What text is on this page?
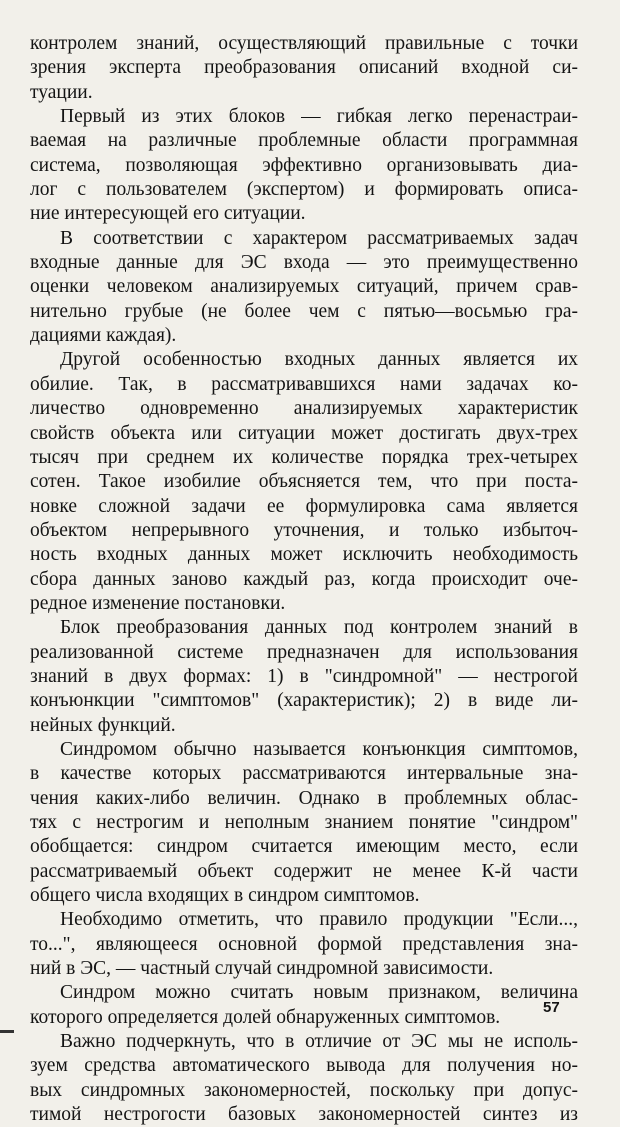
контролем знаний, осуществляющий правильные с точки
зрения эксперта преобразования описаний входной си-
туации.
Первый из этих блоков — гибкая легко перенастраи-
ваемая на различные проблемные области программная
система, позволяющая эффективно организовывать диа-
лог с пользователем (экспертом) и формировать описа-
ние интересующей его ситуации.
В соответствии с характером рассматриваемых задач
входные данные для ЭС входа — это преимущественно
оценки человеком анализируемых ситуаций, причем срав-
нительно грубые (не более чем с пятью—восьмью гра-
дациями каждая).
Другой особенностью входных данных является их
обилие. Так, в рассматривавшихся нами задачах ко-
личество одновременно анализируемых характеристик
свойств объекта или ситуации может достигать двух-трех
тысяч при среднем их количестве порядка трех-четырех
сотен. Такое изобилие объясняется тем, что при поста-
новке сложной задачи ее формулировка сама является
объектом непрерывного уточнения, и только избыточ-
ность входных данных может исключить необходимость
сбора данных заново каждый раз, когда происходит оче-
редное изменение постановки.
Блок преобразования данных под контролем знаний в
реализованной системе предназначен для использования
знаний в двух формах: 1) в "синдромной" — нестрогой
конъюнкции "симптомов" (характеристик); 2) в виде ли-
нейных функций.
Синдромом обычно называется конъюнкция симптомов,
в качестве которых рассматриваются интервальные зна-
чения каких-либо величин. Однако в проблемных облас-
тях с нестрогим и неполным знанием понятие "синдром"
обобщается: синдром считается имеющим место, если
рассматриваемый объект содержит не менее К-й части
общего числа входящих в синдром симптомов.
Необходимо отметить, что правило продукции "Если...,
то...", являющееся основной формой представления зна-
ний в ЭС, — частный случай синдромной зависимости.
Синдром можно считать новым признаком, величина
которого определяется долей обнаруженных симптомов.
Важно подчеркнуть, что в отличие от ЭС мы не исполь-
зуем средства автоматического вывода для получения но-
вых синдромных закономерностей, поскольку при допус-
тимой нестрогости базовых закономерностей синтез из
57
